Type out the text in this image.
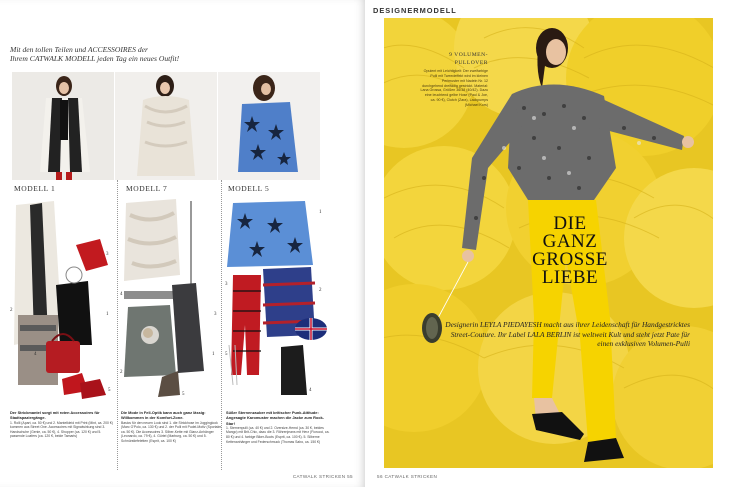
Mit den tollen Teilen und ACCESSOIRES der
Ihrem CATWALK MODELL jeden Tag ein neues Outfit!
MODELL 1	MODELL 7	MODELL 5
2
3
1
4
5
3
4
1
2
5
1
3
2
5
4
Der Strickmantel sorgt mit roten Accessoires für Stadtspaziergänge.
1. Rolli (Apart, ca. 50 €) und 2. Mantelkleid mit Print (Mint, ca. 200 €) kommen aus Street One. Accessoires mit Signalwirkung sind 3. Handschuhe (Genie, ca. 50 €), 4. Shopper (ca. 120 €) und 5. passende Loafers (ca. 120 €, beide Tamaris)
Die Mode in Fell-Optik kann auch ganz lässig: Willkommen in der Komfort-Zone.
Basics für den neuen Look sind 1. die Strickhose im Jogginglook (Marc O'Polo, ca. 130 €) und 2. der Pulli mit Pudel-Motiv (Sportalm, ca. 50 €). Die Accessoires 3. Silber-Kette mit Glanz-Anhänger (Leonardo, ca. 79 €), 4. Gürtel (Marburg, ca. 50 €) und 5. Schnürstiefeletten (Esprit, ca. 100 €)
Süßer Sternenzauber mit britischer Punk-Attitude: Angesagte Karomuster machen die Jacke zum Rock-Star!
1. Sternenpulli (ca. 40 €) und 2. Oversize-Hemd (ca. 30 €, beides Mango) mit Brit-Chic, dazu die 3. Röhrenjeans mit Herz (Fiorucci, ca. 80 €) und 4. farbige Biker-Boots (Esprit, ca. 100 €). 5. Silberne Kettenanhänger und Federschmuck (Thomas Sabo, ca. 150 €)
CATWALK STRICKEN 55
DESIGNERMODELL
9 VOLUMEN-
PULLOVER
Opulent mit Leichtigkeit: Der zweifarbige Pulli mit Tweedeffekt wird im kleinen Perlmuster mit Nadeln Nr. 12 durchgehend dreifädig gestrickt. Material: Lana Grossa, Größen 36/38 (40/42). Dazu eine leuchtend gelbe Hose (Paul & Joe, ca. 90 €), Clutch (Zara), Lackpumps (Michael Kors)
DIE
GANZ
GROSSE
LIEBE
Designerin LEYLA PIEDAYESH macht aus ihrer Leidenschaft für Handgestricktes Street-Couture. Ihr Label LALA BERLIN ist weltweit Kult und steht jetzt Pate für einen exklusiven Volumen-Pulli
56 CATWALK STRICKEN
